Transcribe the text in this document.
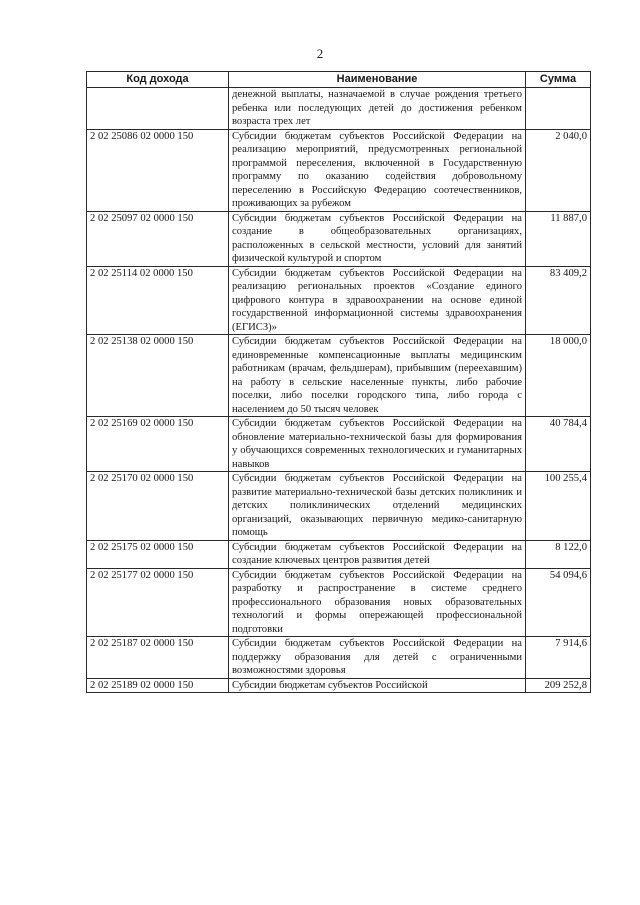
2
Код дохода	Наименование	Сумма
	денежной выплаты, назначаемой в случае рождения третьего ребенка или последующих детей до достижения ребенком возраста трех лет	
2 02 25086 02 0000 150	Субсидии бюджетам субъектов Российской Федерации на реализацию мероприятий, предусмотренных региональной программой переселения, включенной в Государственную программу по оказанию содействия добровольному переселению в Российскую Федерацию соотечественников, проживающих за рубежом	2 040,0
2 02 25097 02 0000 150	Субсидии бюджетам субъектов Российской Федерации на создание в общеобразовательных организациях, расположенных в сельской местности, условий для занятий физической культурой и спортом	11 887,0
2 02 25114 02 0000 150	Субсидии бюджетам субъектов Российской Федерации на реализацию региональных проектов «Создание единого цифрового контура в здравоохранении на основе единой государственной информационной системы здравоохранения (ЕГИСЗ)»	83 409,2
2 02 25138 02 0000 150	Субсидии бюджетам субъектов Российской Федерации на единовременные компенсационные выплаты медицинским работникам (врачам, фельдшерам), прибывшим (переехавшим) на работу в сельские населенные пункты, либо рабочие поселки, либо поселки городского типа, либо города с населением до 50 тысяч человек	18 000,0
2 02 25169 02 0000 150	Субсидии бюджетам субъектов Российской Федерации на обновление материально-технической базы для формирования у обучающихся современных технологических и гуманитарных навыков	40 784,4
2 02 25170 02 0000 150	Субсидии бюджетам субъектов Российской Федерации на развитие материально-технической базы детских поликлиник и детских поликлинических отделений медицинских организаций, оказывающих первичную медико-санитарную помощь	100 255,4
2 02 25175 02 0000 150	Субсидии бюджетам субъектов Российской Федерации на создание ключевых центров развития детей	8 122,0
2 02 25177 02 0000 150	Субсидии бюджетам субъектов Российской Федерации на разработку и распространение в системе среднего профессионального образования новых образовательных технологий и формы опережающей профессиональной подготовки	54 094,6
2 02 25187 02 0000 150	Субсидии бюджетам субъектов Российской Федерации на поддержку образования для детей с ограниченными возможностями здоровья	7 914,6
2 02 25189 02 0000 150	Субсидии бюджетам субъектов Российской	209 252,8
